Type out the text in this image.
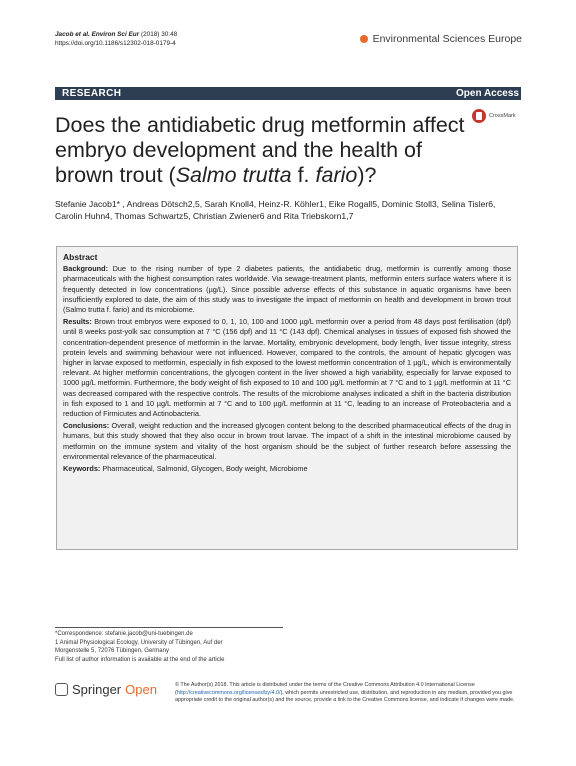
Jacob et al. Environ Sci Eur (2018) 30:48
https://doi.org/10.1186/s12302-018-0179-4	Environmental Sciences Europe
RESEARCH	Open Access
CrossMark
Does the antidiabetic drug metformin affect embryo development and the health of brown trout (Salmo trutta f. fario)?
Stefanie Jacob1* , Andreas Dötsch2,5, Sarah Knoll4, Heinz-R. Köhler1, Eike Rogall5, Dominic Stoll3, Selina Tisler6,
Carolin Huhn4, Thomas Schwartz5, Christian Zwiener6 and Rita Triebskorn1,7
Abstract

Background: Due to the rising number of type 2 diabetes patients, the antidiabetic drug, metformin is currently among those pharmaceuticals with the highest consumption rates worldwide. Via sewage-treatment plants, metformin enters surface waters where it is frequently detected in low concentrations (µg/L). Since possible adverse effects of this substance in aquatic organisms have been insufficiently explored to date, the aim of this study was to investigate the impact of metformin on health and development in brown trout (Salmo trutta f. fario) and its microbiome.

Results: Brown trout embryos were exposed to 0, 1, 10, 100 and 1000 µg/L metformin over a period from 48 days post fertilisation (dpf) until 8 weeks post-yolk sac consumption at 7 °C (156 dpf) and 11 °C (143 dpf). Chemical analyses in tissues of exposed fish showed the concentration-dependent presence of metformin in the larvae. Mortality, embryonic development, body length, liver tissue integrity, stress protein levels and swimming behaviour were not influenced. However, compared to the controls, the amount of hepatic glycogen was higher in larvae exposed to metformin, especially in fish exposed to the lowest metformin concentration of 1 µg/L, which is environmentally relevant. At higher metformin concentrations, the glycogen content in the liver showed a high variability, especially for larvae exposed to 1000 µg/L metformin. Furthermore, the body weight of fish exposed to 10 and 100 µg/L metformin at 7 °C and to 1 µg/L metformin at 11 °C was decreased compared with the respective controls. The results of the microbiome analyses indicated a shift in the bacteria distribution in fish exposed to 1 and 10 µg/L metformin at 7 °C and to 100 µg/L metformin at 11 °C, leading to an increase of Proteobacteria and a reduction of Firmicutes and Actinobacteria.

Conclusions: Overall, weight reduction and the increased glycogen content belong to the described pharmaceutical effects of the drug in humans, but this study showed that they also occur in brown trout larvae. The impact of a shift in the intestinal microbiome caused by metformin on the immune system and vitality of the host organism should be the subject of further research before assessing the environmental relevance of the pharmaceutical.

Keywords: Pharmaceutical, Salmonid, Glycogen, Body weight, Microbiome

*Correspondence: stefanie.jacob@uni-tuebingen.de
1 Animal Physiological Ecology, University of Tübingen, Auf der
Morgenstelle 5, 72076 Tübingen, Germany
Full list of author information is available at the end of the article
Springer Open	© The Author(s) 2018. This article is distributed under the terms of the Creative Commons Attribution 4.0 International License (http://creativecommons.org/licenses/by/4.0/), which permits unrestricted use, distribution, and reproduction in any medium, provided you give appropriate credit to the original author(s) and the source, provide a link to the Creative Commons license, and indicate if changes were made.
